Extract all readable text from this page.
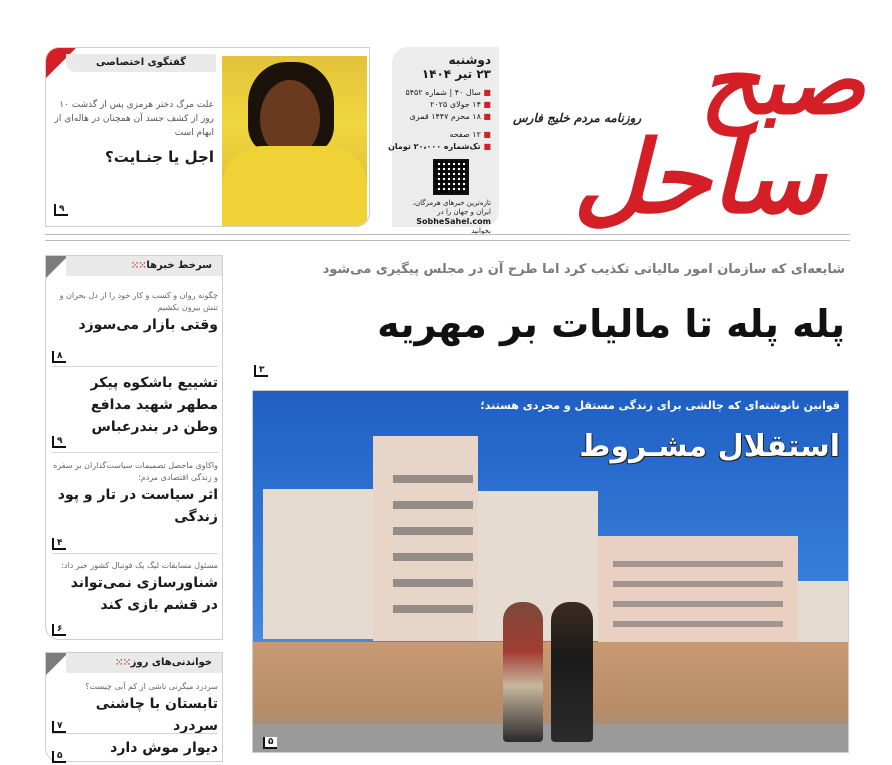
صبح
ساحل
روزنامه مردم خلیج فارس
دوشنبه
۲۳ تیر ۱۴۰۴
■ سال ۴۰ | شماره ۵۴۵۲
■ ۱۴ جولای ۲۰۲۵
■ ۱۸ محرم ۱۴۴۷ قمری
■ ۱۲ صفحه
■ تک‌شماره ۲۰،۰۰۰ تومان
تازه‌ترین خبرهای هرمزگان، ایران و جهان را در
SobheSahel.com
بخوانید
گفتگوی اختصاصی
علت مرگ دختر هرمزی پس از گذشت ۱۰ روز از کشف جسد آن همچنان در هاله‌ای از ابهام است
اجل یا جنـایت؟
۹
شایعه‌ای که سازمان امور مالیاتی تکذیب کرد اما طرح آن در مجلس پیگیری می‌شود
پله پله تا مالیات بر مهریه
۳
قوانین نانوشته‌ای که چالشی برای زندگی مستقل و مجردی هستند؛
استقلال مشـروط
۵
سرخط خبرها⁙⁙
چگونه روان و کسب و کار خود را از دل بحران و تنش بیرون بکشیم
وقتی بازار می‌سوزد
۸
تشییع باشکوه پیکر مطهر شهید مدافع وطن در بندرعباس
۹
واکاوی ماحصل تصمیمات سیاست‌گذاران بر سفره و زندگی اقتصادی مردم؛
اثر سیاست در تار و پود زندگی
۴
مسئول مسابقات لیگ یک فوتبال کشور خبر داد:
شناورسازی نمی‌تواند در قشم بازی کند
۶
خواندنی‌های روز⁙⁙
سردرد میگرنی ناشی از کم آبی چیست؟
تابستان با چاشنی سردرد
۷
دیوار موش دارد
۵
